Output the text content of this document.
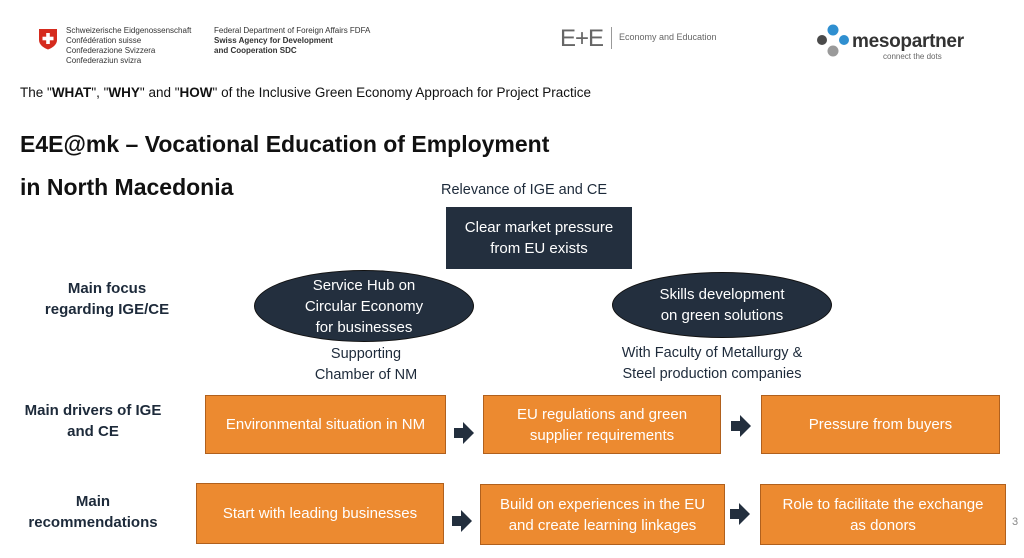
Schweizerische Eidgenossenschaft
Confédération suisse
Confederazione Svizzera
Confederaziun svizra
Federal Department of Foreign Affairs FDFA
Swiss Agency for Development
and Cooperation SDC	E+E Economy and Education	mesopartner
connect the dots
The "WHAT", "WHY" and "HOW" of the Inclusive Green Economy Approach for Project Practice
E4E@mk – Vocational Education of Employment
in North Macedonia	Relevance of IGE and CE
Clear market pressure
from EU exists
Main focus
regarding IGE/CE
Service Hub on
Circular Economy
for businesses
Skills development
on green solutions
Supporting
Chamber of NM
With Faculty of Metallurgy &
Steel production companies
Main drivers of IGE
and CE	Environmental situation in NM
EU regulations and green
supplier requirements
Pressure from buyers
Main
recommendations
Start with leading businesses
Build on experiences in the EU
and create learning linkages
Role to facilitate the exchange
as donors	3
